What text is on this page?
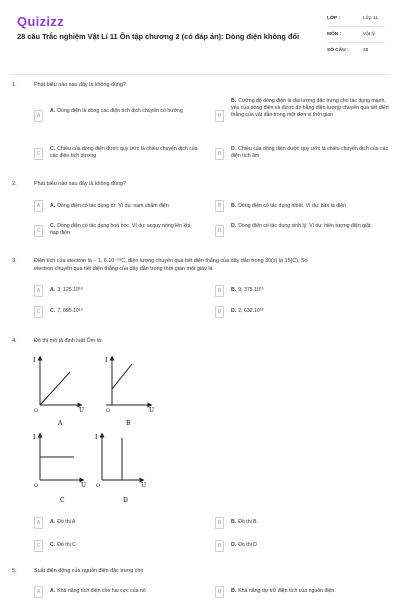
Quizizz
28 câu Trắc nghiệm Vật Lí 11 Ôn tập chương 2 (có đáp án): Dòng điện không đổi
LỚP :	Lớp 11
MÔN :	Vật lý
SỐ CÂU :	28
1.	Phát biểu nào sau đây là không đúng?
A
A. Dòng điện là dòng các điện tích dịch chuyển có hướng
B
B. Cường độ dòng điện là đại lượng đặc trưng cho tác dụng mạnh, yếu của dòng điện và được đo bằng điện lượng chuyển qua tiết diện thẳng của vật dẫn trong một đơn vị thời gian
C
C. Chiều của dòng điện được quy ước là chiều chuyển dịch của các điện tích dương	D
D. Chiều của dòng điện được quy ước là chiều chuyển dịch của các điện tích âm
2.	Phát biểu nào sau đây là không đúng?
A	A. Dòng điện có tác dụng từ. Ví dụ: nam châm điện	B	B. Dòng điện có tác dụng nhiệt. Ví dụ: bàn là điện
C
C. Dòng điện có tác dụng hoá học. Ví dụ: acquy nóng lên khi nạp điện	D
D. Dòng điện có tác dụng sinh lý. Ví dụ: hiện tượng điện giật
3.	Điện tích của electron là – 1, 6.10⁻¹⁹C, điện lượng chuyển qua tiết diện thẳng của dây dẫn trong 30(s) là 15(C). Số
electron chuyển qua tiết diện thẳng của dây dẫn trong thời gian một giây là
A	A. 3, 125.10¹⁸	B	B. 9, 375.10¹⁹
C	C. 7, 895.10¹⁹	D	D. 2, 632.10¹⁸
4.	Đồ thị mô tả định luật Ôm là:
I
O	U
A
I
O	U
B
I
O	U
C
I
O	U
D
A	A. Đồ thị A	B	B. Đồ thị B
C	C. Đồ thị C	D	D. Đồ thị D
5.	Suất điện động của nguồn điện đặc trưng cho
A	A. Khả năng tích điện cho hai cực của nó	B	B. Khả năng dự trữ điện tích của nguồn điện
